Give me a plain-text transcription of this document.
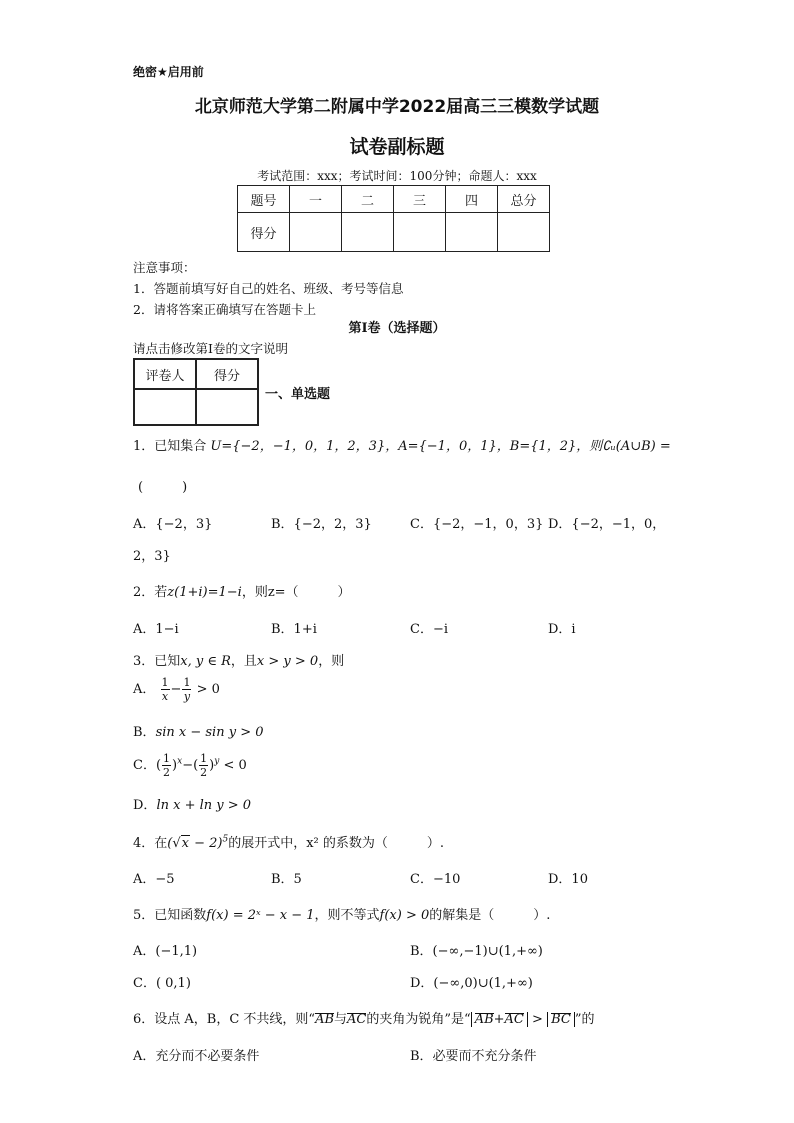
绝密★启用前
北京师范大学第二附属中学2022届高三三模数学试题
试卷副标题
考试范围：xxx；考试时间：100分钟；命题人：xxx
题号	一	二	三	四	总分
得分					
注意事项：
1．答题前填写好自己的姓名、班级、考号等信息
2．请将答案正确填写在答题卡上
第I卷（选择题）
请点击修改第I卷的文字说明
评卷人	得分

一、单选题
1．已知集合 U={−2，−1，0，1，2，3}，A={−1，0，1}，B={1，2}，则∁ᵤ(A∪B) =
(　　　)
A．{−2，3}	B．{−2，2，3}	C．{−2，−1，0，3} D．{−2，−1，0，
2，3}
2．若z(1+i)=1−i，则z=（　　　）
A．1−i	B．1+i	C．−i	D．i
3．已知x, y ∈ R，且x > y > 0，则
A． $\frac{1}{x} - \frac{1}{y} > 0$
B．sin x − sin y > 0
C．( $\frac{1}{2} )^x-( \frac{1}{2} )^y < 0$
D．ln x + ln y > 0
4．在$(√x - 2)^5$的展开式中，x² 的系数为（　　　）.
A．−5	B．5	C．−10	D．10
5．已知函数f(x) = 2ˣ − x − 1，则不等式f(x) > 0的解集是（　　　）.
A．(−1,1)	B．(−∞,−1)∪(1,+∞)
C．( 0,1)	D．(−∞,0)∪(1,+∞)
6．设点 A，B，C 不共线，则“AB与AC的夹角为锐角”是“ AB+AC > BC ”的
A．充分而不必要条件	B．必要而不充分条件
